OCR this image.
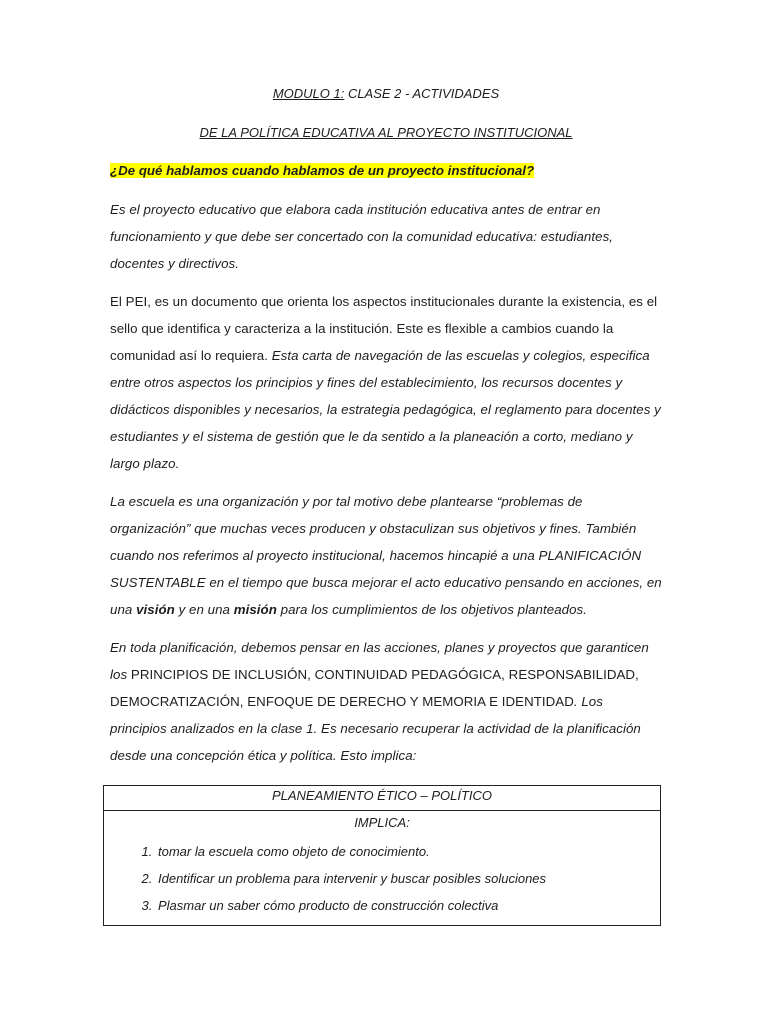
MODULO 1: CLASE 2 - ACTIVIDADES
DE LA POLÍTICA EDUCATIVA AL PROYECTO INSTITUCIONAL
¿De qué hablamos cuando hablamos de un proyecto institucional?

Es el proyecto educativo que elabora cada institución educativa antes de entrar en funcionamiento y que debe ser concertado con la comunidad educativa: estudiantes, docentes y directivos.

El PEI, es un documento que orienta los aspectos institucionales durante la existencia, es el sello que identifica y caracteriza a la institución. Este es flexible a cambios cuando la comunidad así lo requiera. Esta carta de navegación de las escuelas y colegios, especifica entre otros aspectos los principios y fines del establecimiento, los recursos docentes y didácticos disponibles y necesarios, la estrategia pedagógica, el reglamento para docentes y estudiantes y el sistema de gestión que le da sentido a la planeación a corto, mediano y largo plazo.

La escuela es una organización y por tal motivo debe plantearse “problemas de organización” que muchas veces producen y obstaculizan sus objetivos y fines. También cuando nos referimos al proyecto institucional, hacemos hincapié a una PLANIFICACIÓN SUSTENTABLE en el tiempo que busca mejorar el acto educativo pensando en acciones, en una visión y en una misión para los cumplimientos de los objetivos planteados.

En toda planificación, debemos pensar en las acciones, planes y proyectos que garanticen los PRINCIPIOS DE INCLUSIÓN, CONTINUIDAD PEDAGÓGICA, RESPONSABILIDAD, DEMOCRATIZACIÓN, ENFOQUE DE DERECHO Y MEMORIA E IDENTIDAD. Los principios analizados en la clase 1. Es necesario recuperar la actividad de la planificación desde una concepción ética y política. Esto implica:

PLANEAMIENTO ÉTICO – POLÍTICO
IMPLICA:
1. tomar la escuela como objeto de conocimiento.
2. Identificar un problema para intervenir y buscar posibles soluciones
3. Plasmar un saber cómo producto de construcción colectiva
